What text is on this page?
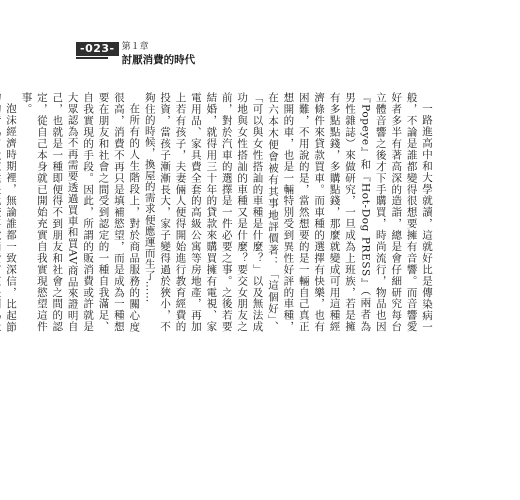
-023- 第１章
討厭消費的時代

一路進高中和大學就讀，這就好比是傳染病一般，不論是誰都變得很想要擁有音響。而音響愛好者多半有著高深的造詣，總是會仔細研究每台立體音響之後才下手購買，時尚流行，物品也因『Popeye』和『Hot-Dog PRESS』（兩者為男性雜誌）來做研究，一旦成為上班族，若是擁有多點點錢，多購點錢，那麼就變成可用這種經濟條件來貸款買車。而車種的選擇有快樂，也有困難，不用說的是，當然想要的是一輛自己真正想開的車，也是一輛特別受到異性好評的車種，在六本木便會被有其事地評價著：「這個好」、「可以與女性搭訕的車種是什麼？」以及無法成功地與女性搭訕的車種又是什麼？要交女朋友之前，對於汽車的選擇是一件必要之事。之後若要結婚，就得用三十年的貸款來購買擁有電視、家電用品、家具費全套的高級公寓等房地產，再加上若有孩子，夫妻倆人便得開始進行教育經費的投資，當孩子漸漸長大，家子變得過於狹小，不夠住的時候，換屋的需求便應運而生了……

在所有的人生階段上，對於商品服務的關心度很高，消費不再只是填補慾望，而是成為一種想要在朋友和社會之間受到認定的一種自我滿足、自我實現的手段。因此，所謂的販消費或許就是大眾認為不再需要透過買車和買AV商品來證明自己，也就是一種即便得不到朋友和社會之間的認定，從自己本身就已開始充實自我實現慾望這件事。

泡沫經濟時期裡，無論誰都一致深信，比起節
